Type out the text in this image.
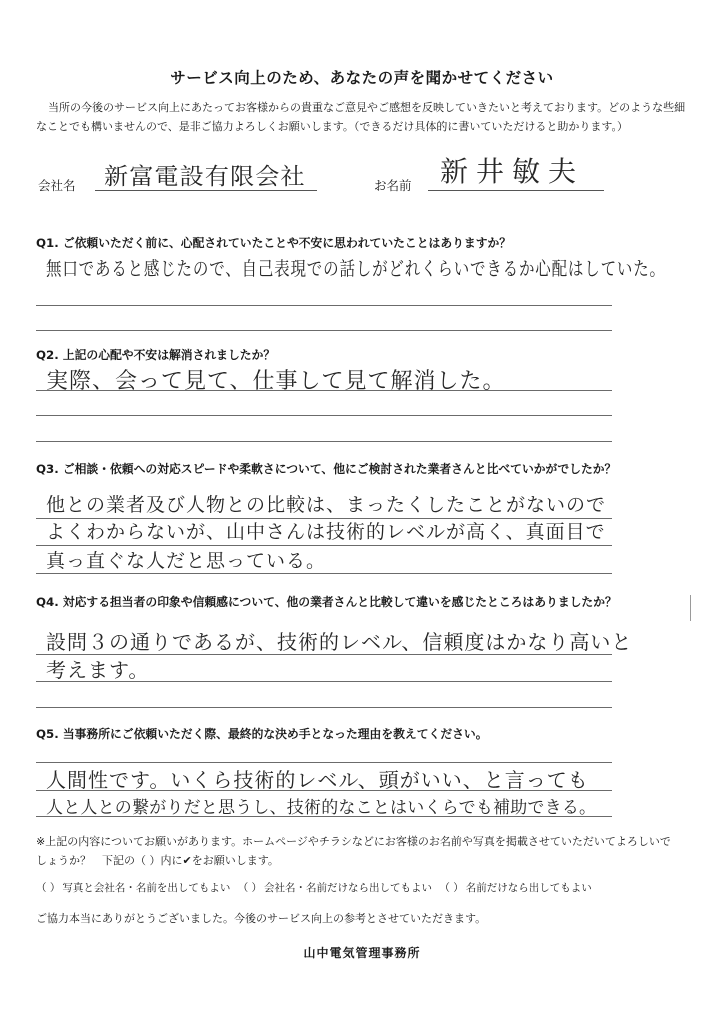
サービス向上のため、あなたの声を聞かせてください
当所の今後のサービス向上にあたってお客様からの貴重なご意見やご感想を反映していきたいと考えております。どのような些細なことでも構いませんので、是非ご協力よろしくお願いします。（できるだけ具体的に書いていただけると助かります。）
会社名 新富電設有限会社	お名前 新井敏夫
Q1. ご依頼いただく前に、心配されていたことや不安に思われていたことはありますか？
無口であると感じたので、自己表現での話しがどれくらいできるか心配はしていた。
Q2. 上記の心配や不安は解消されましたか？
実際、会って見て、仕事して見て解消した。
Q3. ご相談・依頼への対応スピードや柔軟さについて、他にご検討された業者さんと比べていかがでしたか？
他との業者及び人物との比較は、まったくしたことがないので
よくわからないが、山中さんは技術的レベルが高く、真面目で
真っ直ぐな人だと思っている。
Q4. 対応する担当者の印象や信頼感について、他の業者さんと比較して違いを感じたところはありましたか？
設問３の通りであるが、技術的レベル、信頼度はかなり高いと
考えます。
Q5. 当事務所にご依頼いただく際、最終的な決め手となった理由を教えてください。
人間性です。いくら技術的レベル、頭がいい、と言っても
人と人との繋がりだと思うし、技術的なことはいくらでも補助できる。
※上記の内容についてお願いがあります。ホームページやチラシなどにお客様のお名前や写真を掲載させていただいてよろしいでしょうか？　下記の（ ）内に✔をお願いします。
（ ） 写真と会社名・名前を出してもよい （ ） 会社名・名前だけなら出してもよい （ ） 名前だけなら出してもよい
ご協力本当にありがとうございました。今後のサービス向上の参考とさせていただきます。
山中電気管理事務所
